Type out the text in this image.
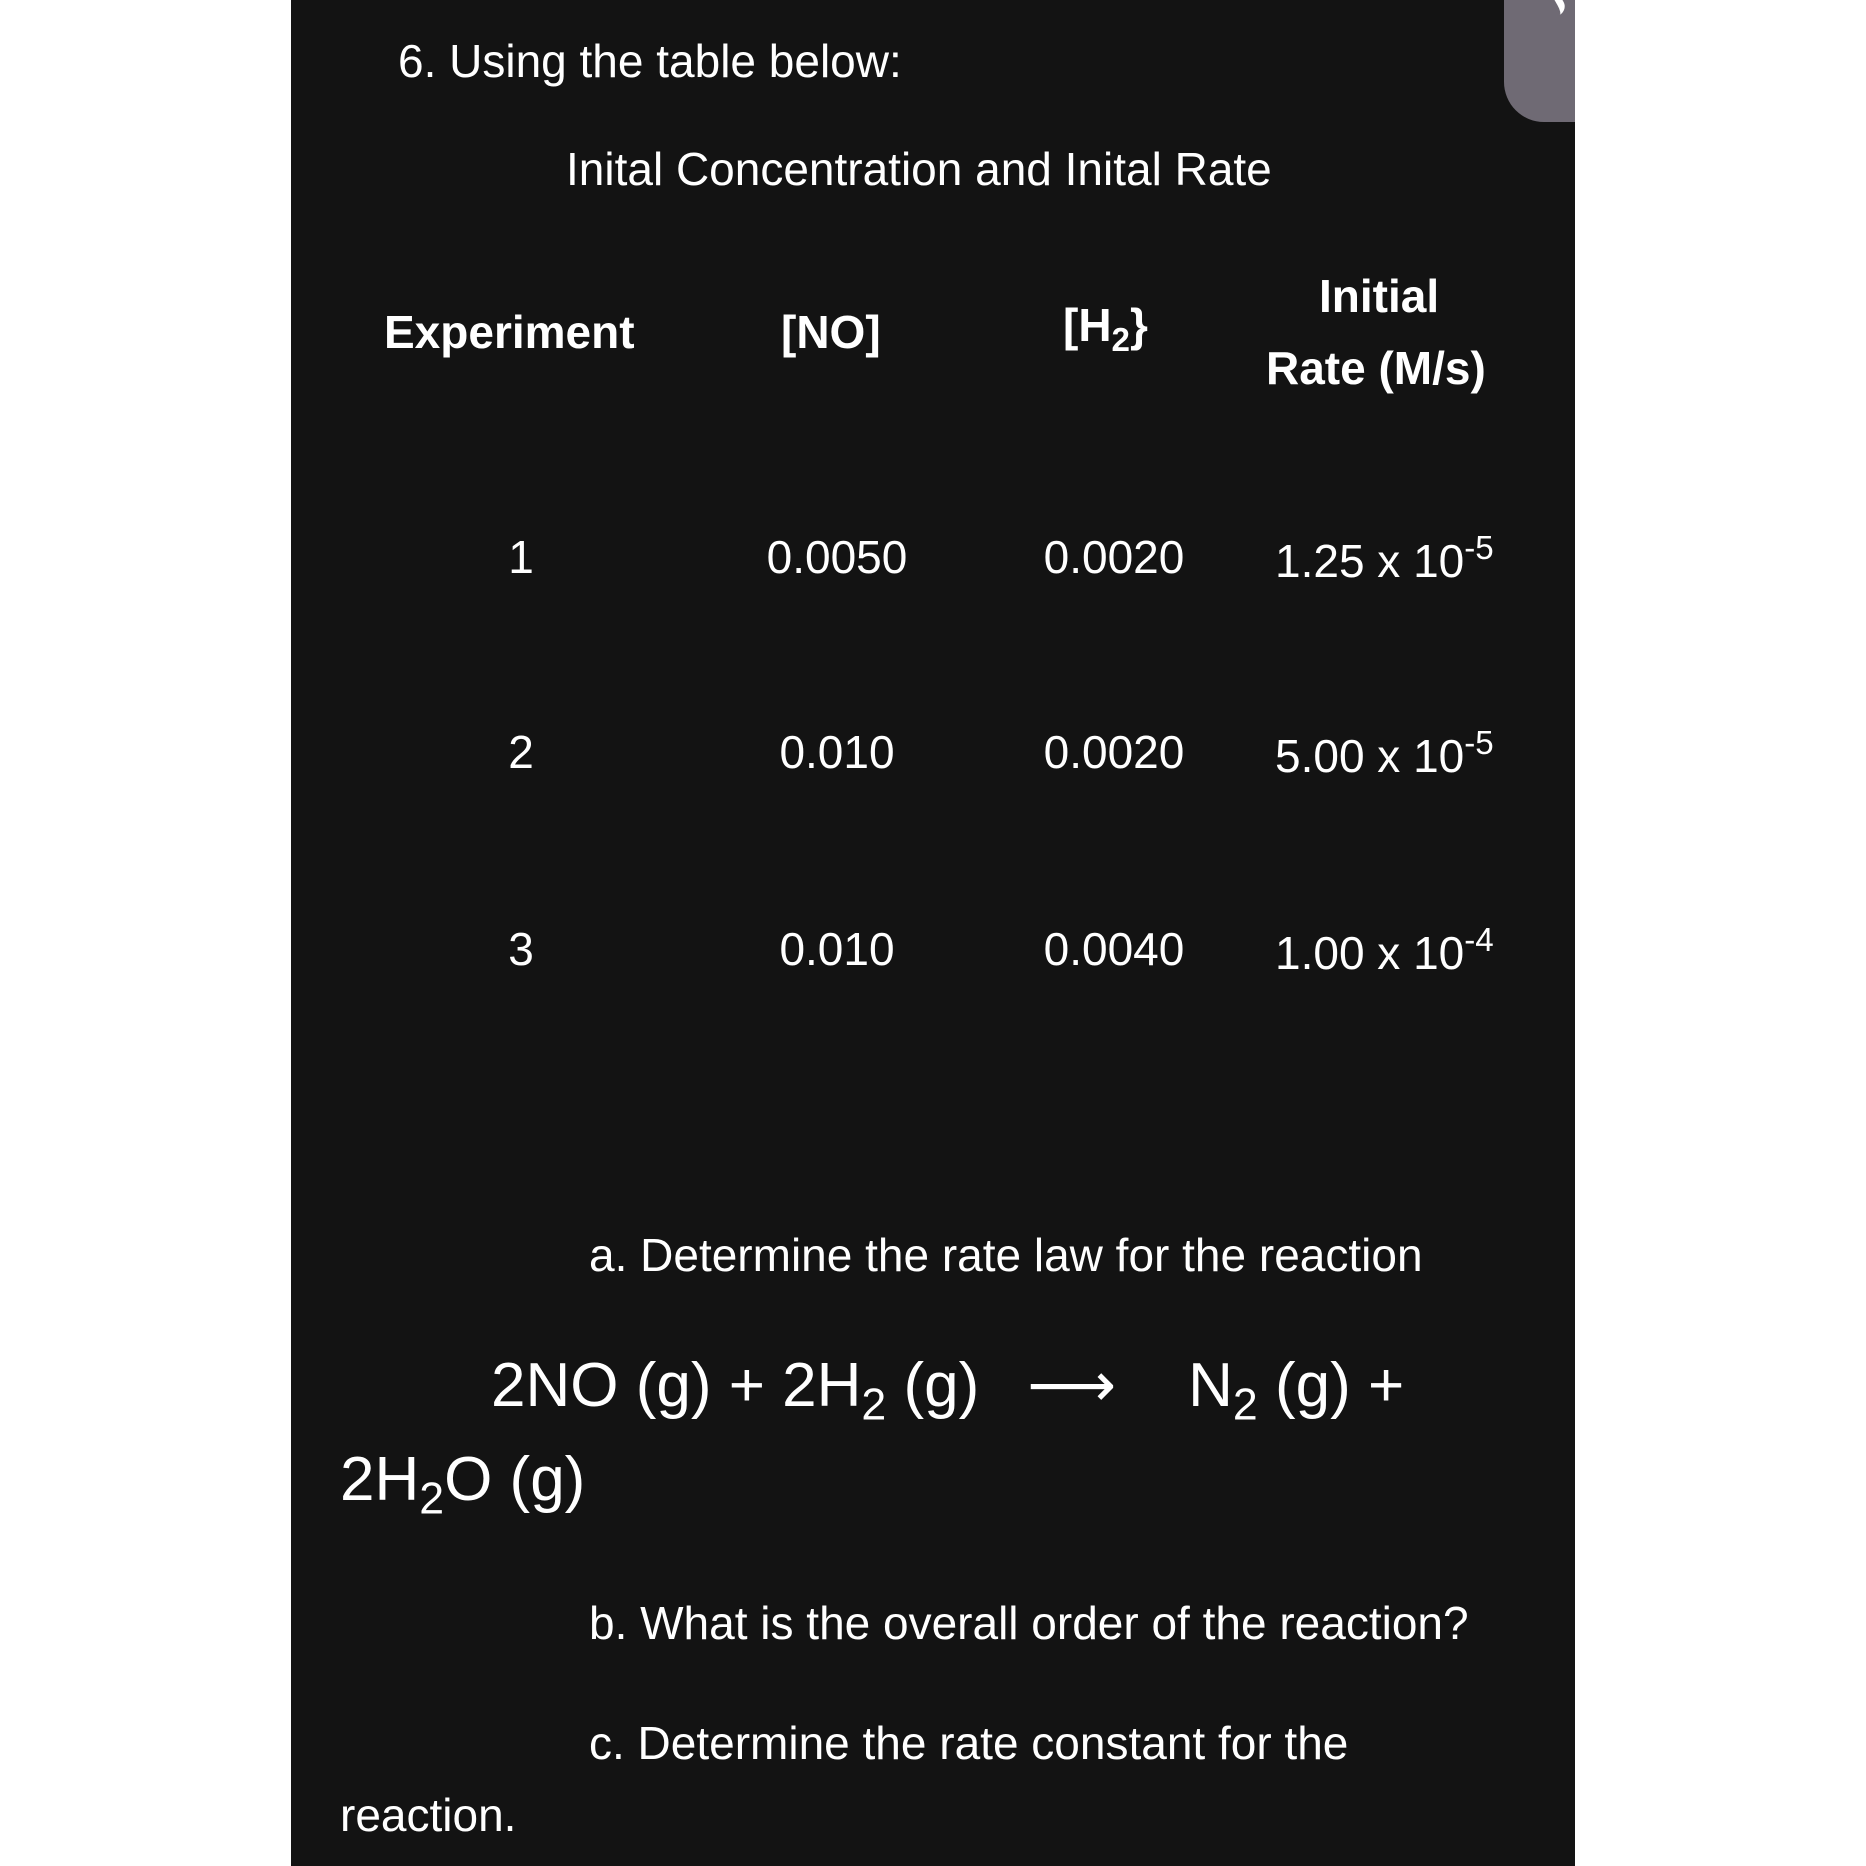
6. Using the table below:
Inital Concentration and Inital Rate
Experiment	[NO]	$[H_2\}$
Initial
Rate (M/s)
1	0.0050	0.0020	1.25 x $10^{-5}$
2	0.010	0.0020	5.00 x $10^{-5}$
3	0.010	0.0040	1.00 x $10^{-4}$
a. Determine the rate law for the reaction
2NO $(g) + 2H_2$ (g) ⟶ $N_2$ (g) +
$2H_2O$ (g)
b. What is the overall order of the reaction?
c. Determine the rate constant for the
reaction.
